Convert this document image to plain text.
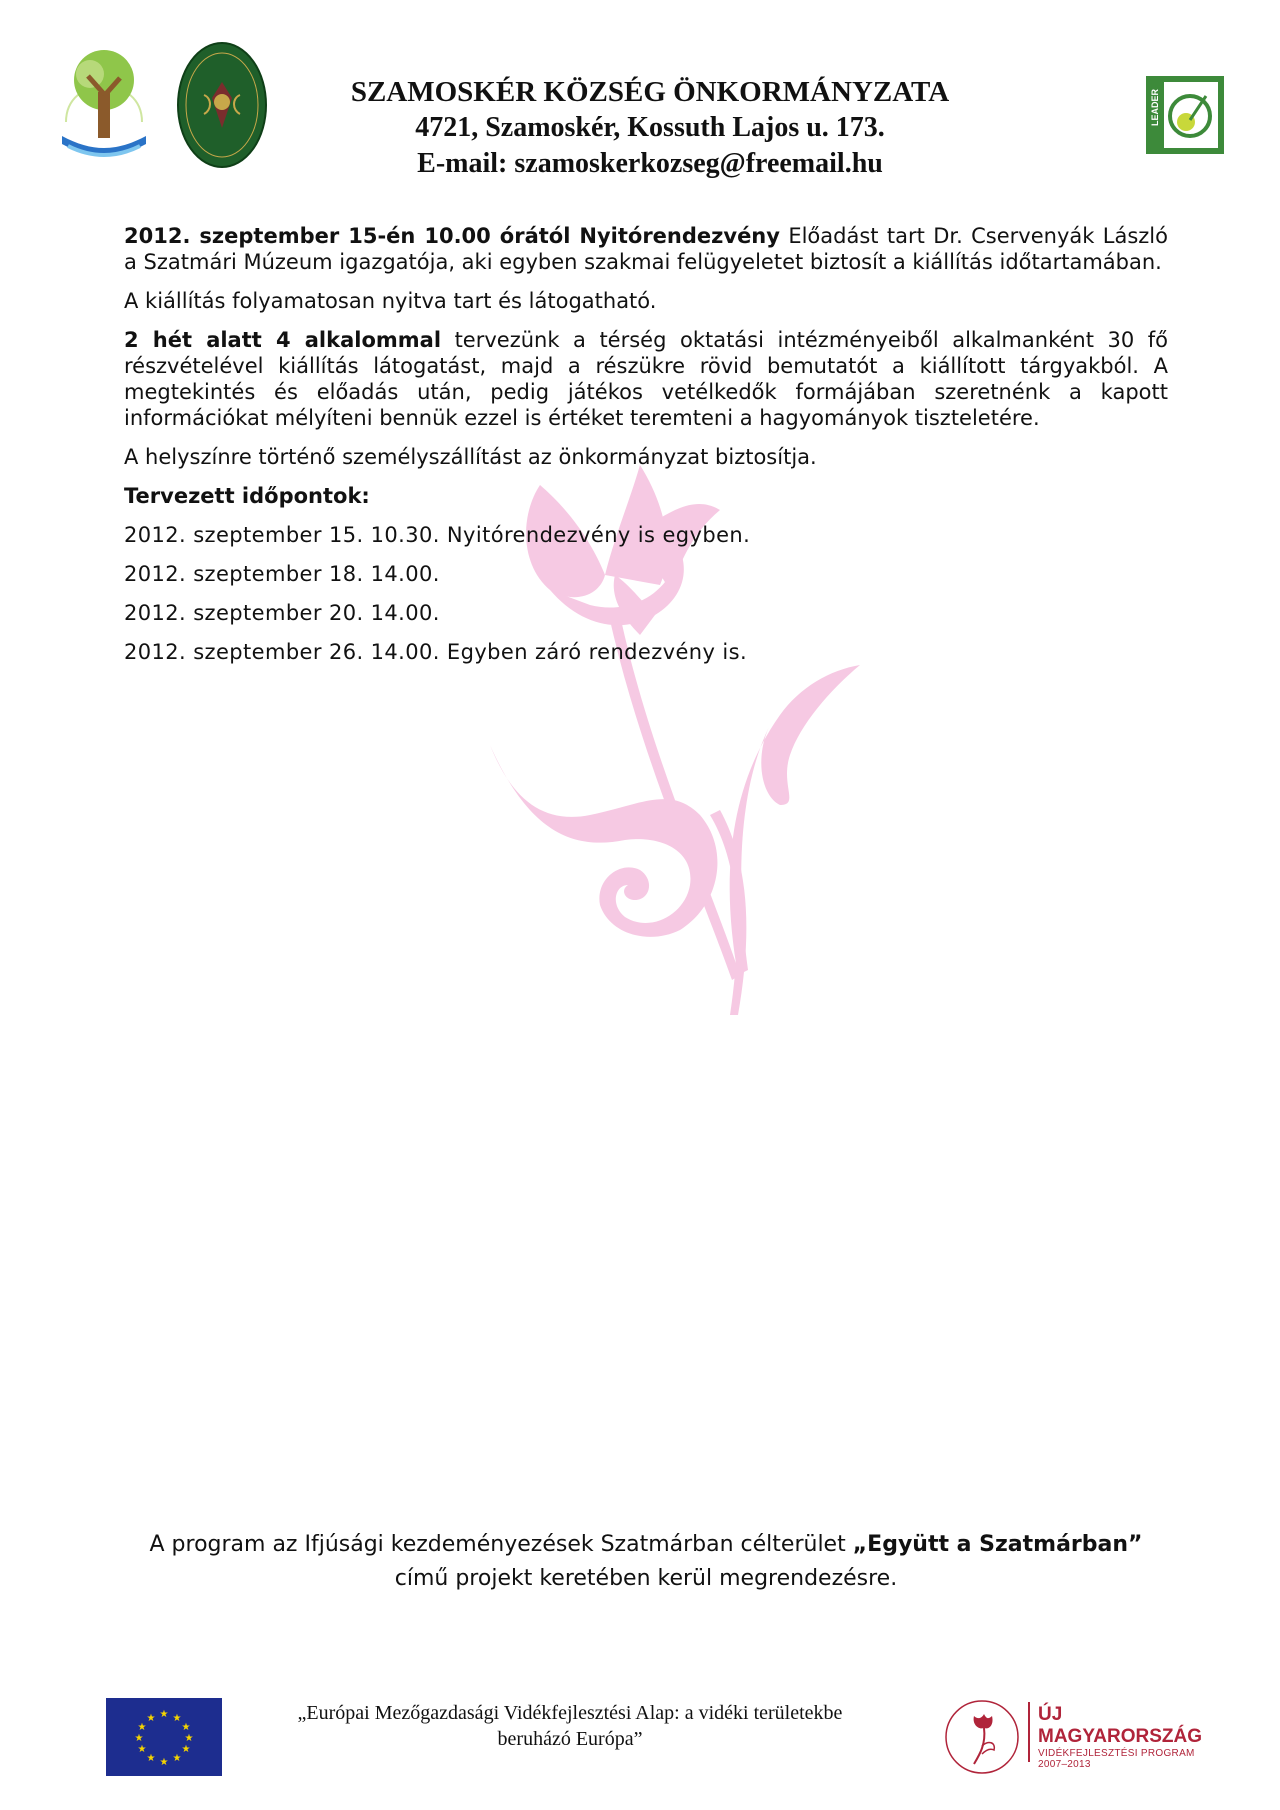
LEADER
SZAMOSKÉR KÖZSÉG ÖNKORMÁNYZATA
4721, Szamoskér, Kossuth Lajos u. 173.
E-mail: szamoskerkozseg@freemail.hu

2012. szeptember 15-én 10.00 órától Nyitórendezvény Előadást tart Dr. Cservenyák László a Szatmári Múzeum igazgatója, aki egyben szakmai felügyeletet biztosít a kiállítás időtartamában.

A kiállítás folyamatosan nyitva tart és látogatható.

2 hét alatt 4 alkalommal tervezünk a térség oktatási intézményeiből alkalmanként 30 fő részvételével kiállítás látogatást, majd a részükre rövid bemutatót a kiállított tárgyakból. A megtekintés és előadás után, pedig játékos vetélkedők formájában szeretnénk a kapott információkat mélyíteni bennük ezzel is értéket teremteni a hagyományok tiszteletére.

A helyszínre történő személyszállítást az önkormányzat biztosítja.

Tervezett időpontok:

2012. szeptember 15. 10.30. Nyitórendezvény is egyben.

2012. szeptember 18. 14.00.

2012. szeptember 20. 14.00.

2012. szeptember 26. 14.00. Egyben záró rendezvény is.

A program az Ifjúsági kezdeményezések Szatmárban célterület „Együtt a Szatmárban” című projekt keretében kerül megrendezésre.
★ ★
★
★
★
★
★
★
★
★
★
★	„Európai Mezőgazdasági Vidékfejlesztési Alap: a vidéki területekbe beruházó Európa”
ÚJ MAGYARORSZÁG
VIDÉKFEJLESZTÉSI PROGRAM
2007–2013
